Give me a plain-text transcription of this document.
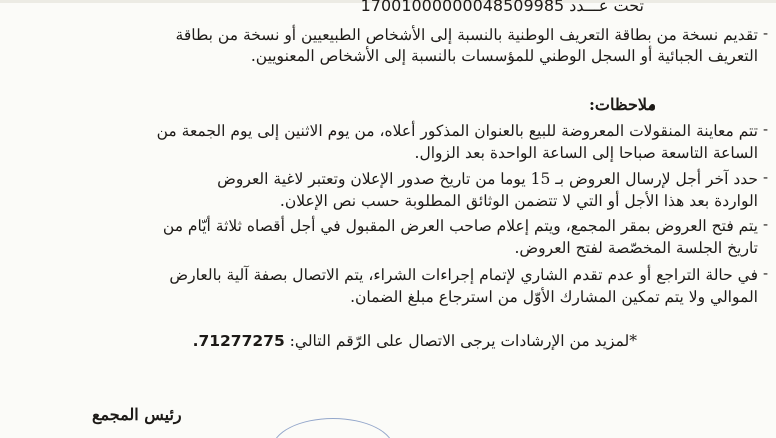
تحت عـــدد 17001000000048509985
-
تقديم نسخة من بطاقة التعريف الوطنية بالنسبة إلى الأشخاص الطبيعيين أو نسخة من بطاقة
التعريف الجبائية أو السجل الوطني للمؤسسات بالنسبة إلى الأشخاص المعنويين.
ملاحظات:
-
تتم معاينة المنقولات المعروضة للبيع بالعنوان المذكور أعلاه، من يوم الاثنين إلى يوم الجمعة من
الساعة التاسعة صباحا إلى الساعة الواحدة بعد الزوال.
-
حدد آخر أجل لإرسال العروض بـ 15 يوما من تاريخ صدور الإعلان وتعتبر لاغية العروض
الواردة بعد هذا الأجل أو التي لا تتضمن الوثائق المطلوبة حسب نص الإعلان.
-
يتم فتح العروض بمقر المجمع، ويتم إعلام صاحب العرض المقبول في أجل أقصاه ثلاثة أيّام من
تاريخ الجلسة المخصّصة لفتح العروض.
-
في حالة التراجع أو عدم تقدم الشاري لإتمام إجراءات الشراء، يتم الاتصال بصفة آلية بالعارض
الموالي ولا يتم تمكين المشارك الأوّل من استرجاع مبلغ الضمان.
*لمزيد من الإرشادات يرجى الاتصال على الرّقم التالي: 71277275.
رئيس المجمع
